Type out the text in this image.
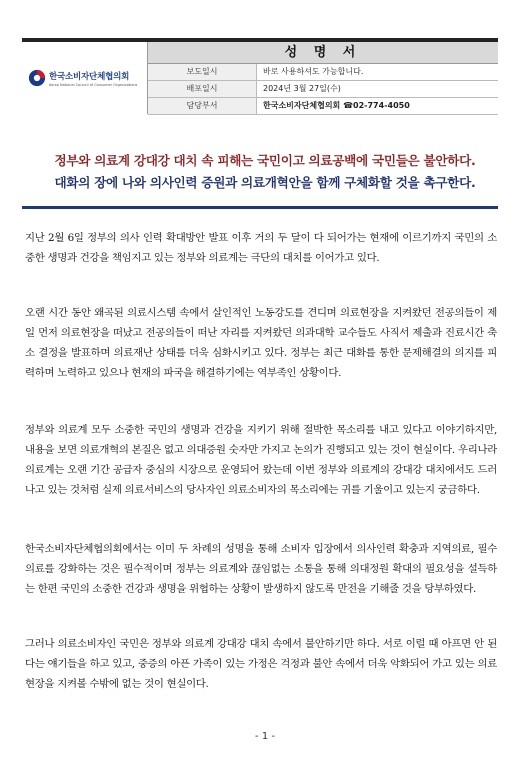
한국소비자단체협의회
Korea National Council of Consumer Organizations
성 명 서
보도일시	바로 사용하셔도 가능합니다.
배포일시	2024년 3월 27일(수)
담당부서	한국소비자단체협의회 ☎02-774-4050
정부와 의료계 강대강 대치 속 피해는 국민이고 의료공백에 국민들은 불안하다.
대화의 장에 나와 의사인력 증원과 의료개혁안을 함께 구체화할 것을 촉구한다.
지난 2월 6일 정부의 의사 인력 확대방안 발표 이후 거의 두 달이 다 되어가는 현재에 이르기까지 국민의 소중한 생명과 건강을 책임지고 있는 정부와 의료계는 극단의 대치를 이어가고 있다.
오랜 시간 동안 왜곡된 의료시스템 속에서 살인적인 노동강도를 견디며 의료현장을 지켜왔던 전공의들이 제일 먼저 의료현장을 떠났고 전공의들이 떠난 자리를 지켜왔던 의과대학 교수들도 사직서 제출과 진료시간 축소 결정을 발표하며 의료재난 상태를 더욱 심화시키고 있다. 정부는 최근 대화를 통한 문제해결의 의지를 피력하며 노력하고 있으나 현재의 파국을 해결하기에는 역부족인 상황이다.
정부와 의료계 모두 소중한 국민의 생명과 건강을 지키기 위해 절박한 목소리를 내고 있다고 이야기하지만, 내용을 보면 의료개혁의 본질은 없고 의대증원 숫자만 가지고 논의가 진행되고 있는 것이 현실이다. 우리나라 의료계는 오랜 기간 공급자 중심의 시장으로 운영되어 왔는데 이번 정부와 의료계의 강대강 대치에서도 드러나고 있는 것처럼 실제 의료서비스의 당사자인 의료소비자의 목소리에는 귀를 기울이고 있는지 궁금하다.
한국소비자단체협의회에서는 이미 두 차례의 성명을 통해 소비자 입장에서 의사인력 확충과 지역의료, 필수의료를 강화하는 것은 필수적이며 정부는 의료계와 끊임없는 소통을 통해 의대정원 확대의 필요성을 설득하는 한편 국민의 소중한 건강과 생명을 위협하는 상황이 발생하지 않도록 만전을 기해줄 것을 당부하였다.
그러나 의료소비자인 국민은 정부와 의료계 강대강 대치 속에서 불안하기만 하다. 서로 이럴 때 아프면 안 된다는 얘기들을 하고 있고, 중증의 아픈 가족이 있는 가정은 걱정과 불안 속에서 더욱 악화되어 가고 있는 의료현장을 지켜볼 수밖에 없는 것이 현실이다.
- 1 -
